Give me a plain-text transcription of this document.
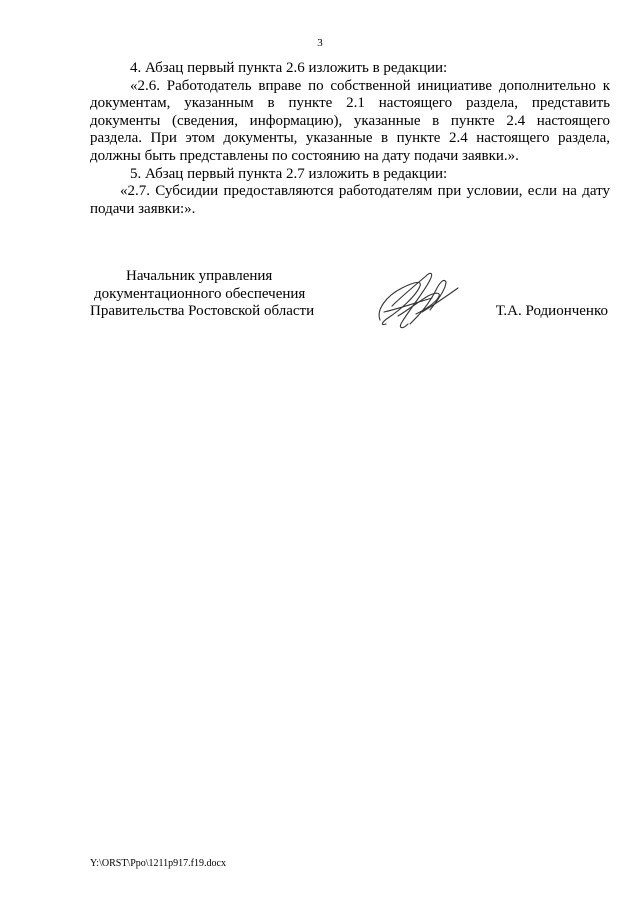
3

4. Абзац первый пункта 2.6 изложить в редакции:

«2.6. Работодатель вправе по собственной инициативе дополнительно к документам, указанным в пункте 2.1 настоящего раздела, представить документы (сведения, информацию), указанные в пункте 2.4 настоящего раздела. При этом документы, указанные в пункте 2.4 настоящего раздела, должны быть представлены по состоянию на дату подачи заявки.».

5. Абзац первый пункта 2.7 изложить в редакции:

«2.7. Субсидии предоставляются работодателям при условии, если на дату подачи заявки:».

Начальник управления
документационного обеспечения
Правительства Ростовской области	Т.А. Родионченко
Y:\ORST\Ppo\1211p917.f19.docx
